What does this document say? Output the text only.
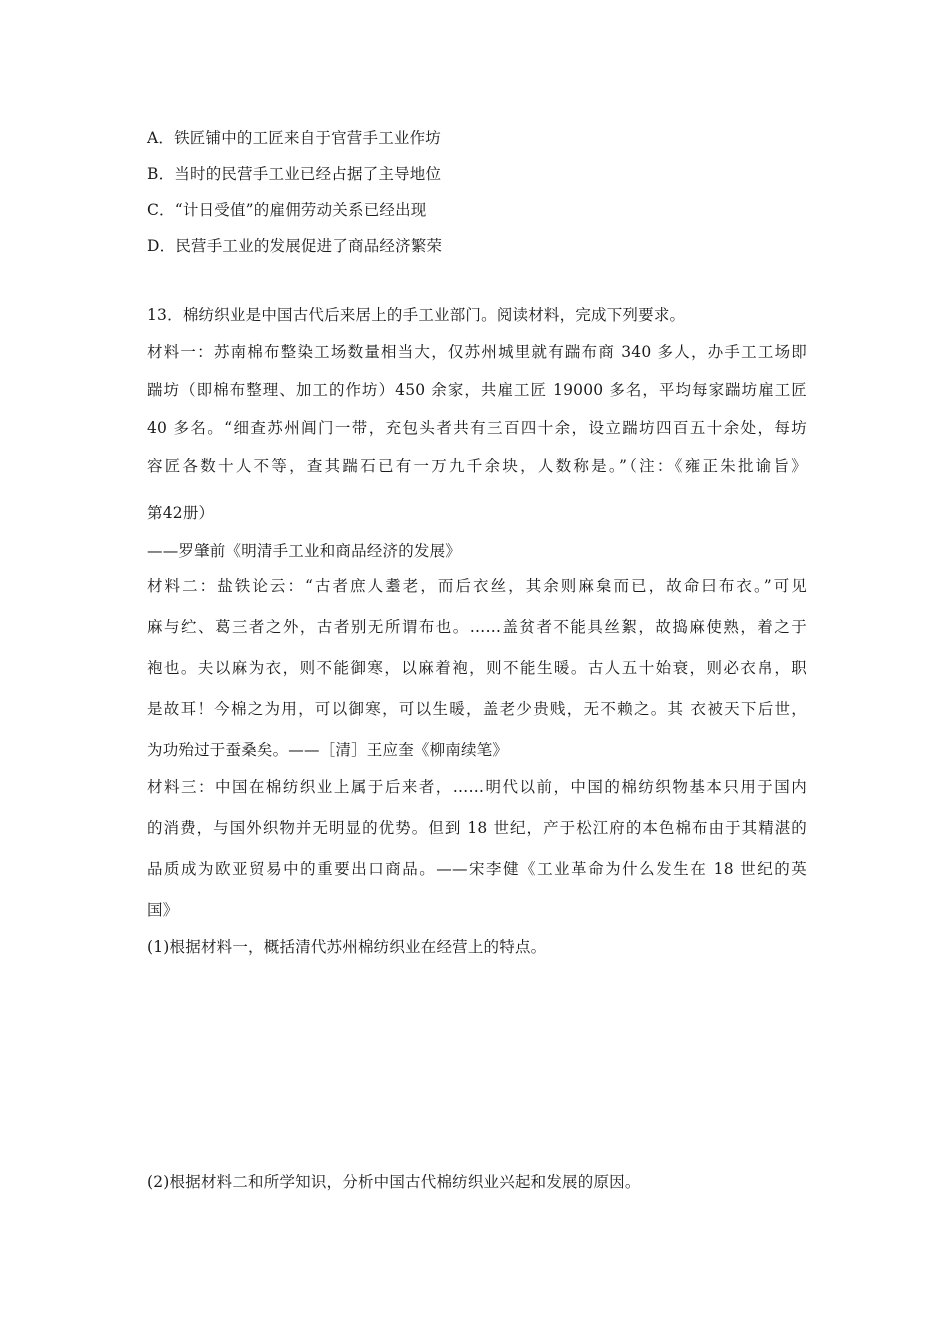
A．铁匠铺中的工匠来自于官营手工业作坊
B．当时的民营手工业已经占据了主导地位
C．“计日受值”的雇佣劳动关系已经出现
D．民营手工业的发展促进了商品经济繁荣
13．棉纺织业是中国古代后来居上的手工业部门。阅读材料，完成下列要求。
材料一：苏南棉布整染工场数量相当大，仅苏州城里就有踹布商 340 多人，办手工工场即
踹坊（即棉布整理、加工的作坊）450 余家，共雇工匠 19000 多名，平均每家踹坊雇工匠
40 多名。“细查苏州阊门一带，充包头者共有三百四十余，设立踹坊四百五十余处，每坊
容匠各数十人不等，查其踹石已有一万九千余块，人数称是。”（注：《雍正朱批谕旨》
第42册）
——罗肇前《明清手工业和商品经济的发展》
材料二：盐铁论云：“古者庶人耋老，而后衣丝，其余则麻枲而已，故命曰布衣。”可见
麻与纻、葛三者之外，古者别无所谓布也。……盖贫者不能具丝絮，故捣麻使熟，着之于
袍也。夫以麻为衣，则不能御寒，以麻着袍，则不能生暖。古人五十始衰，则必衣帛，职
是故耳！今棉之为用，可以御寒，可以生暖，盖老少贵贱，无不赖之。其 衣被天下后世，
为功殆过于蚕桑矣。——［清］王应奎《柳南续笔》
材料三：中国在棉纺织业上属于后来者，……明代以前，中国的棉纺织物基本只用于国内
的消费，与国外织物并无明显的优势。但到 18 世纪，产于松江府的本色棉布由于其精湛的
品质成为欧亚贸易中的重要出口商品。——宋李健《工业革命为什么发生在 18 世纪的英
国》
(1)根据材料一，概括清代苏州棉纺织业在经营上的特点。
(2)根据材料二和所学知识，分析中国古代棉纺织业兴起和发展的原因。
